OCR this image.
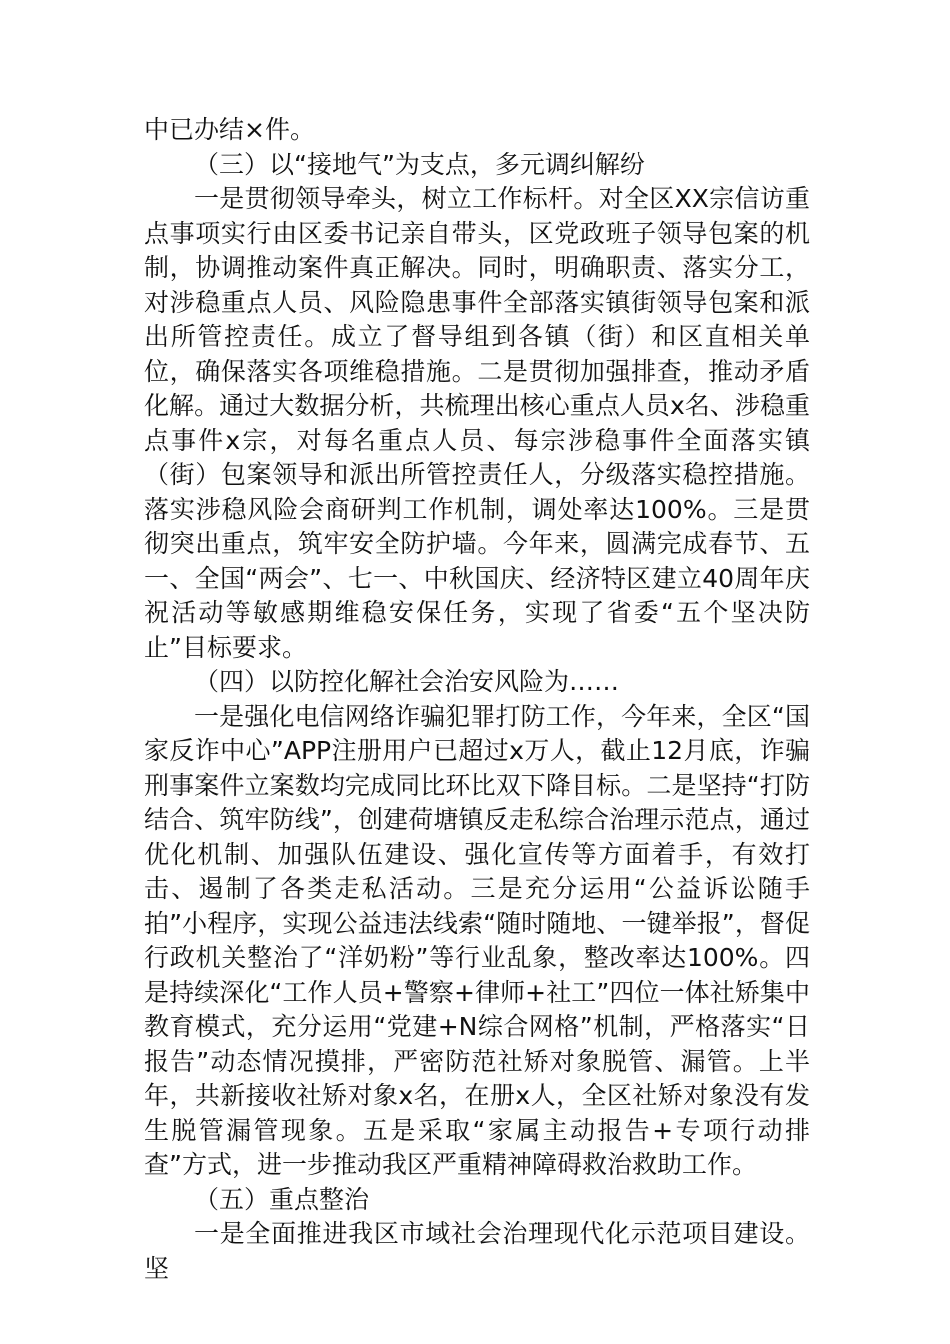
中已办结×件。

（三）以“接地气”为支点，多元调纠解纷

一是贯彻领导牵头，树立工作标杆。对全区XX宗信访重点事项实行由区委书记亲自带头，区党政班子领导包案的机制，协调推动案件真正解决。同时，明确职责、落实分工，对涉稳重点人员、风险隐患事件全部落实镇街领导包案和派出所管控责任。成立了督导组到各镇（街）和区直相关单位，确保落实各项维稳措施。二是贯彻加强排查，推动矛盾化解。通过大数据分析，共梳理出核心重点人员x名、涉稳重点事件x宗，对每名重点人员、每宗涉稳事件全面落实镇（街）包案领导和派出所管控责任人，分级落实稳控措施。落实涉稳风险会商研判工作机制，调处率达100%。三是贯彻突出重点，筑牢安全防护墙。今年来，圆满完成春节、五一、全国“两会”、七一、中秋国庆、经济特区建立40周年庆祝活动等敏感期维稳安保任务，实现了省委“五个坚决防止”目标要求。

（四）以防控化解社会治安风险为……

一是强化电信网络诈骗犯罪打防工作，今年来，全区“国家反诈中心”APP注册用户已超过x万人，截止12月底，诈骗刑事案件立案数均完成同比环比双下降目标。二是坚持“打防结合、筑牢防线”，创建荷塘镇反走私综合治理示范点，通过优化机制、加强队伍建设、强化宣传等方面着手，有效打击、遏制了各类走私活动。三是充分运用“公益诉讼随手拍”小程序，实现公益违法线索“随时随地、一键举报”，督促行政机关整治了“洋奶粉”等行业乱象，整改率达100%。四是持续深化“工作人员+警察+律师+社工”四位一体社矫集中教育模式，充分运用“党建+N综合网格”机制，严格落实“日报告”动态情况摸排，严密防范社矫对象脱管、漏管。上半年，共新接收社矫对象x名，在册x人，全区社矫对象没有发生脱管漏管现象。五是采取“家属主动报告+专项行动排查”方式，进一步推动我区严重精神障碍救治救助工作。

（五）重点整治

一是全面推进我区市域社会治理现代化示范项目建设。坚
